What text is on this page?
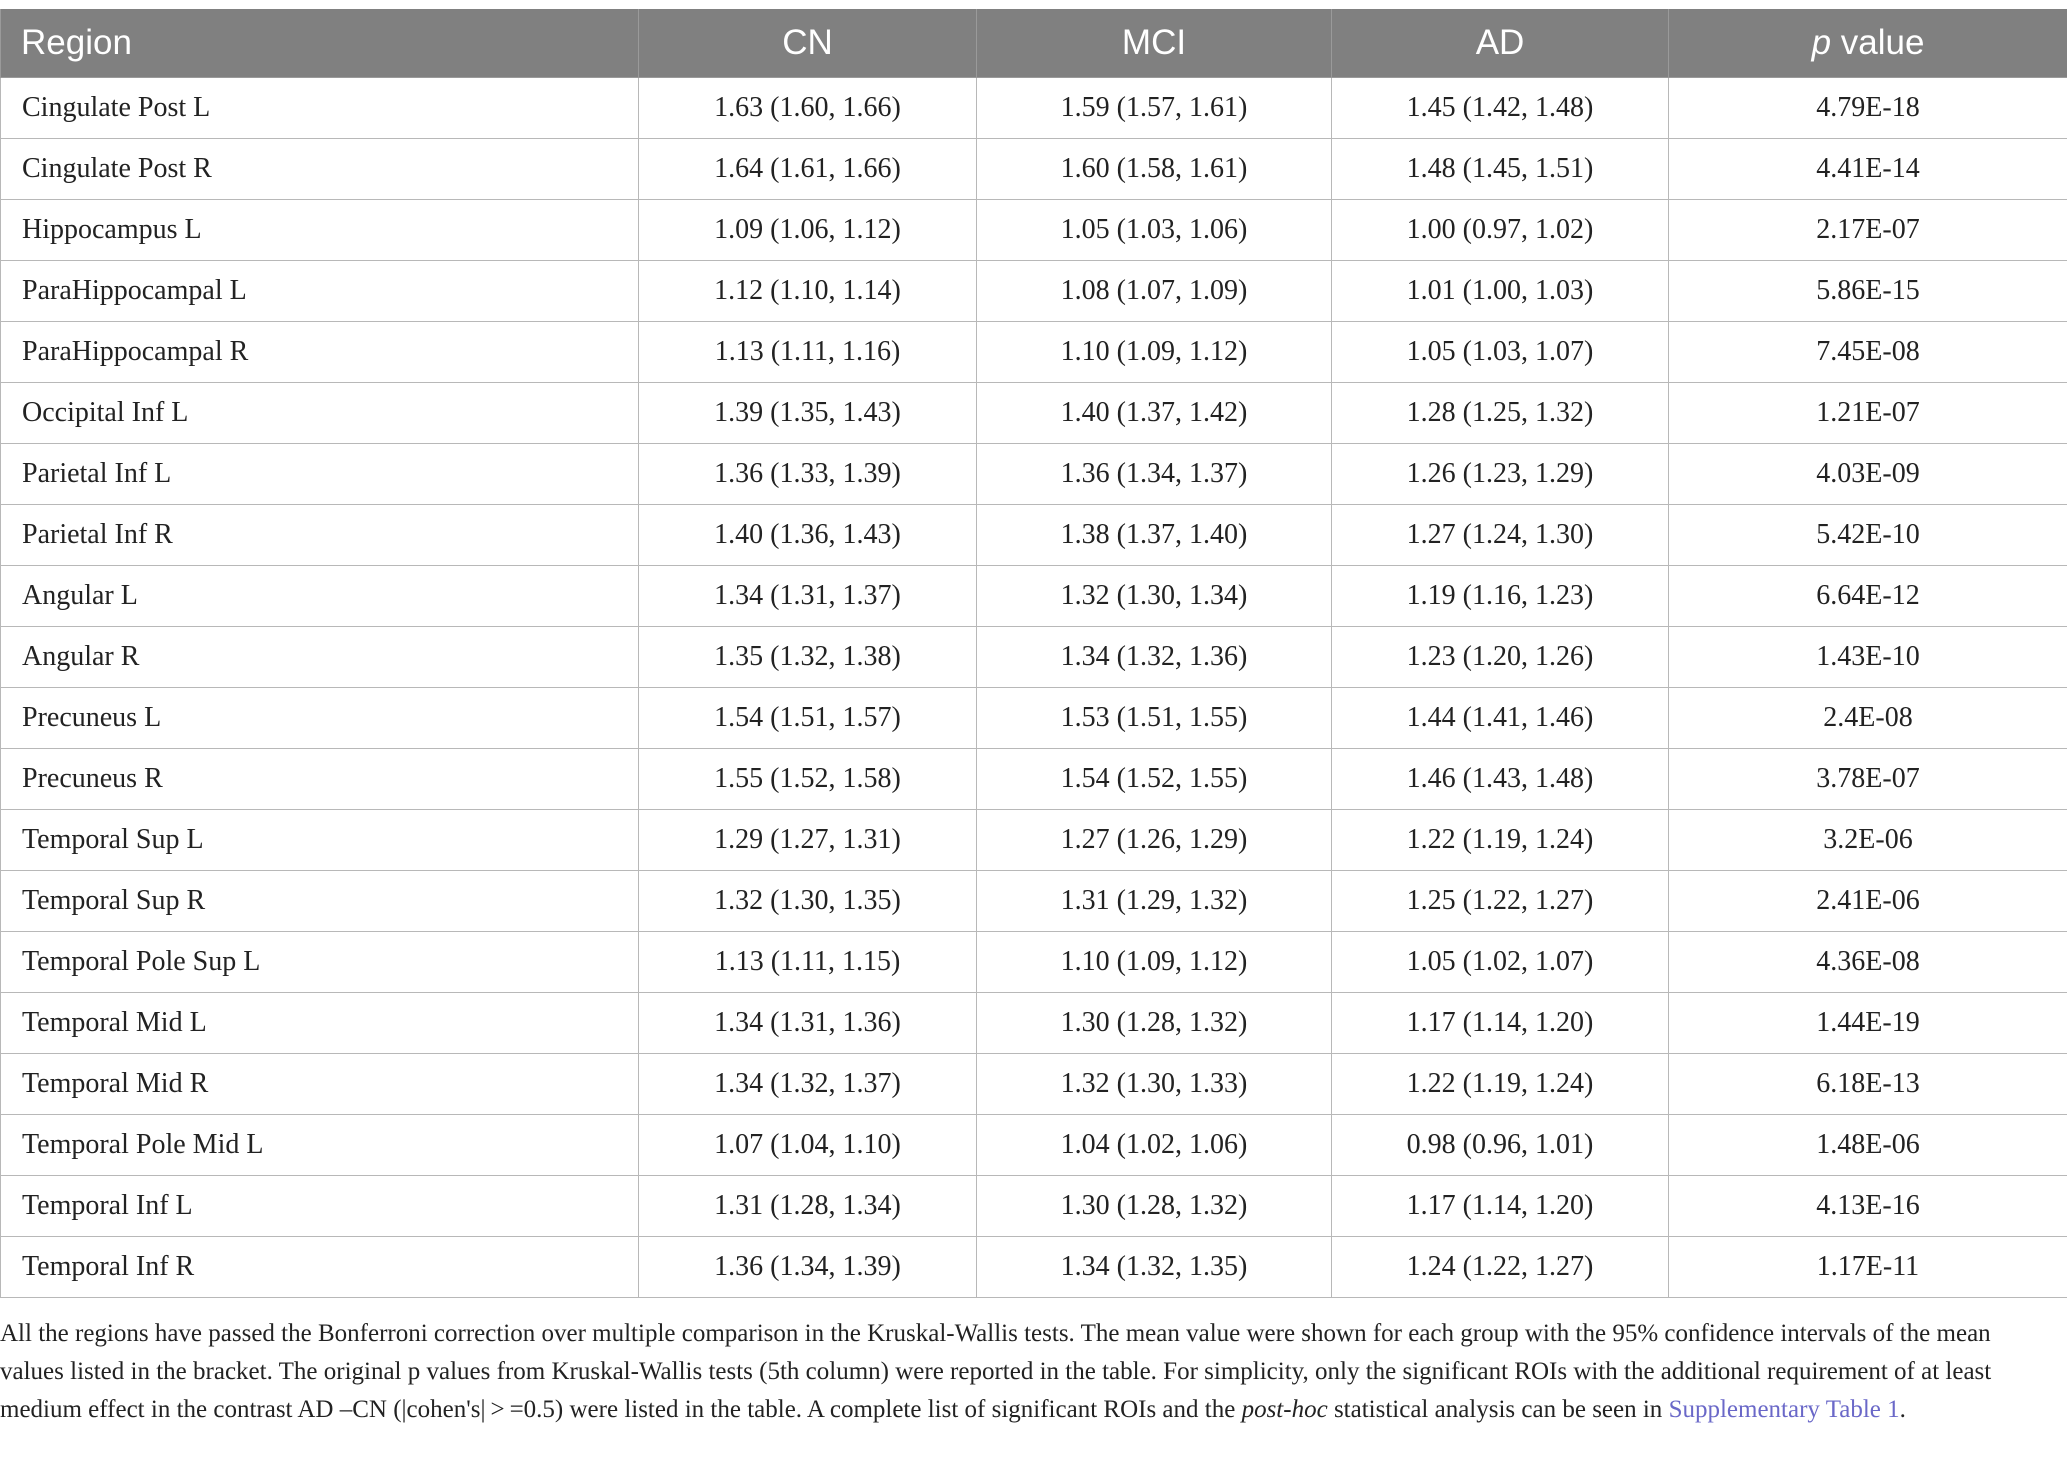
Region	CN	MCI	AD	p value
Cingulate Post L	1.63 (1.60, 1.66)	1.59 (1.57, 1.61)	1.45 (1.42, 1.48)	4.79E-18
Cingulate Post R	1.64 (1.61, 1.66)	1.60 (1.58, 1.61)	1.48 (1.45, 1.51)	4.41E-14
Hippocampus L	1.09 (1.06, 1.12)	1.05 (1.03, 1.06)	1.00 (0.97, 1.02)	2.17E-07
ParaHippocampal L	1.12 (1.10, 1.14)	1.08 (1.07, 1.09)	1.01 (1.00, 1.03)	5.86E-15
ParaHippocampal R	1.13 (1.11, 1.16)	1.10 (1.09, 1.12)	1.05 (1.03, 1.07)	7.45E-08
Occipital Inf L	1.39 (1.35, 1.43)	1.40 (1.37, 1.42)	1.28 (1.25, 1.32)	1.21E-07
Parietal Inf L	1.36 (1.33, 1.39)	1.36 (1.34, 1.37)	1.26 (1.23, 1.29)	4.03E-09
Parietal Inf R	1.40 (1.36, 1.43)	1.38 (1.37, 1.40)	1.27 (1.24, 1.30)	5.42E-10
Angular L	1.34 (1.31, 1.37)	1.32 (1.30, 1.34)	1.19 (1.16, 1.23)	6.64E-12
Angular R	1.35 (1.32, 1.38)	1.34 (1.32, 1.36)	1.23 (1.20, 1.26)	1.43E-10
Precuneus L	1.54 (1.51, 1.57)	1.53 (1.51, 1.55)	1.44 (1.41, 1.46)	2.4E-08
Precuneus R	1.55 (1.52, 1.58)	1.54 (1.52, 1.55)	1.46 (1.43, 1.48)	3.78E-07
Temporal Sup L	1.29 (1.27, 1.31)	1.27 (1.26, 1.29)	1.22 (1.19, 1.24)	3.2E-06
Temporal Sup R	1.32 (1.30, 1.35)	1.31 (1.29, 1.32)	1.25 (1.22, 1.27)	2.41E-06
Temporal Pole Sup L	1.13 (1.11, 1.15)	1.10 (1.09, 1.12)	1.05 (1.02, 1.07)	4.36E-08
Temporal Mid L	1.34 (1.31, 1.36)	1.30 (1.28, 1.32)	1.17 (1.14, 1.20)	1.44E-19
Temporal Mid R	1.34 (1.32, 1.37)	1.32 (1.30, 1.33)	1.22 (1.19, 1.24)	6.18E-13
Temporal Pole Mid L	1.07 (1.04, 1.10)	1.04 (1.02, 1.06)	0.98 (0.96, 1.01)	1.48E-06
Temporal Inf L	1.31 (1.28, 1.34)	1.30 (1.28, 1.32)	1.17 (1.14, 1.20)	4.13E-16
Temporal Inf R	1.36 (1.34, 1.39)	1.34 (1.32, 1.35)	1.24 (1.22, 1.27)	1.17E-11
All the regions have passed the Bonferroni correction over multiple comparison in the Kruskal-Wallis tests. The mean value were shown for each group with the 95% confidence intervals of the mean values listed in the bracket. The original p values from Kruskal-Wallis tests (5th column) were reported in the table. For simplicity, only the significant ROIs with the additional requirement of at least medium effect in the contrast AD –CN (|cohen's| > =0.5) were listed in the table. A complete list of significant ROIs and the post-hoc statistical analysis can be seen in Supplementary Table 1.
